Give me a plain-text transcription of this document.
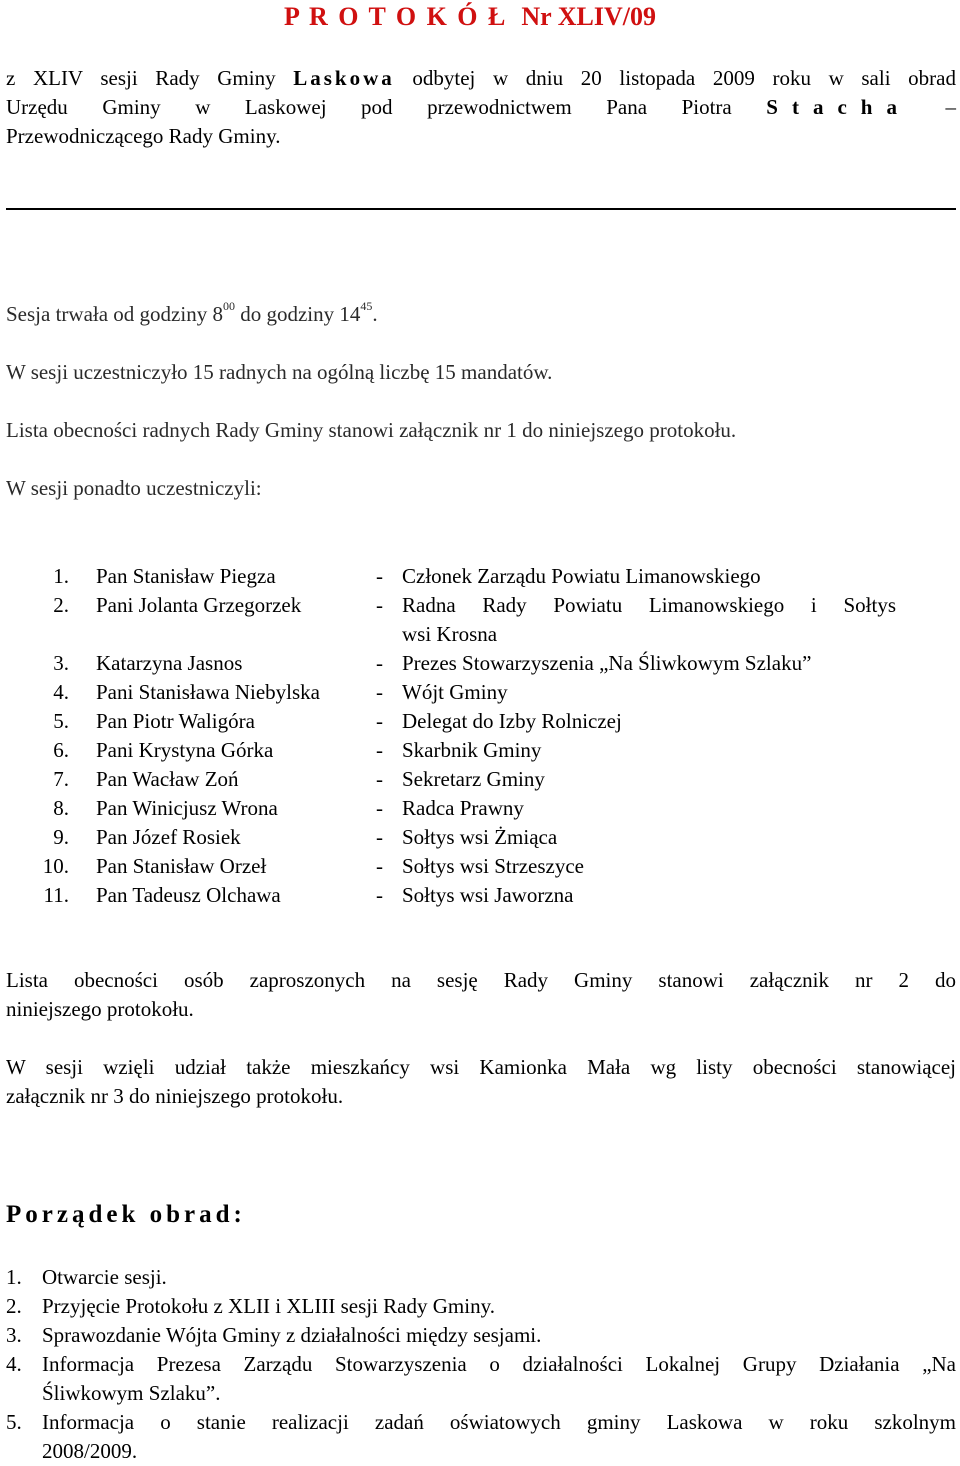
P R O T O K Ó Ł Nr XLIV/09
z XLIV sesji Rady Gminy Laskowa odbytej w dniu 20 listopada 2009 roku w sali obrad
Urzędu Gminy w Laskowej pod przewodnictwem Pana Piotra Stacha –
Przewodniczącego Rady Gminy.
Sesja trwała od godziny $8^{00}$ do godziny $14^{45}$.
W sesji uczestniczyło 15 radnych na ogólną liczbę 15 mandatów.
Lista obecności radnych Rady Gminy stanowi załącznik nr 1 do niniejszego protokołu.
W sesji ponadto uczestniczyli:
1.	Pan Stanisław Piegza	- Członek Zarządu Powiatu Limanowskiego
2.	Pani Jolanta Grzegorzek	- Radna Rady Powiatu Limanowskiego i Sołtys
wsi Krosna
3.	Katarzyna Jasnos	- Prezes Stowarzyszenia „Na Śliwkowym Szlaku”
4.	Pani Stanisława Niebylska	- Wójt Gminy
5.	Pan Piotr Waligóra	- Delegat do Izby Rolniczej
6.	Pani Krystyna Górka	- Skarbnik Gminy
7.	Pan Wacław Zoń	- Sekretarz Gminy
8.	Pan Winicjusz Wrona	- Radca Prawny
9.	Pan Józef Rosiek	- Sołtys wsi Żmiąca
10.	Pan Stanisław Orzeł	- Sołtys wsi Strzeszyce
11.	Pan Tadeusz Olchawa	- Sołtys wsi Jaworzna
Lista obecności osób zaproszonych na sesję Rady Gminy stanowi załącznik nr 2 do
niniejszego protokołu.
W sesji wzięli udział także mieszkańcy wsi Kamionka Mała wg listy obecności stanowiącej
załącznik nr 3 do niniejszego protokołu.
Porządek obrad:
1. Otwarcie sesji.
2. Przyjęcie Protokołu z XLII i XLIII sesji Rady Gminy.
3. Sprawozdanie Wójta Gminy z działalności między sesjami.
4. Informacja Prezesa Zarządu Stowarzyszenia o działalności Lokalnej Grupy Działania „Na
Śliwkowym Szlaku”.
5. Informacja o stanie realizacji zadań oświatowych gminy Laskowa w roku szkolnym
2008/2009.
